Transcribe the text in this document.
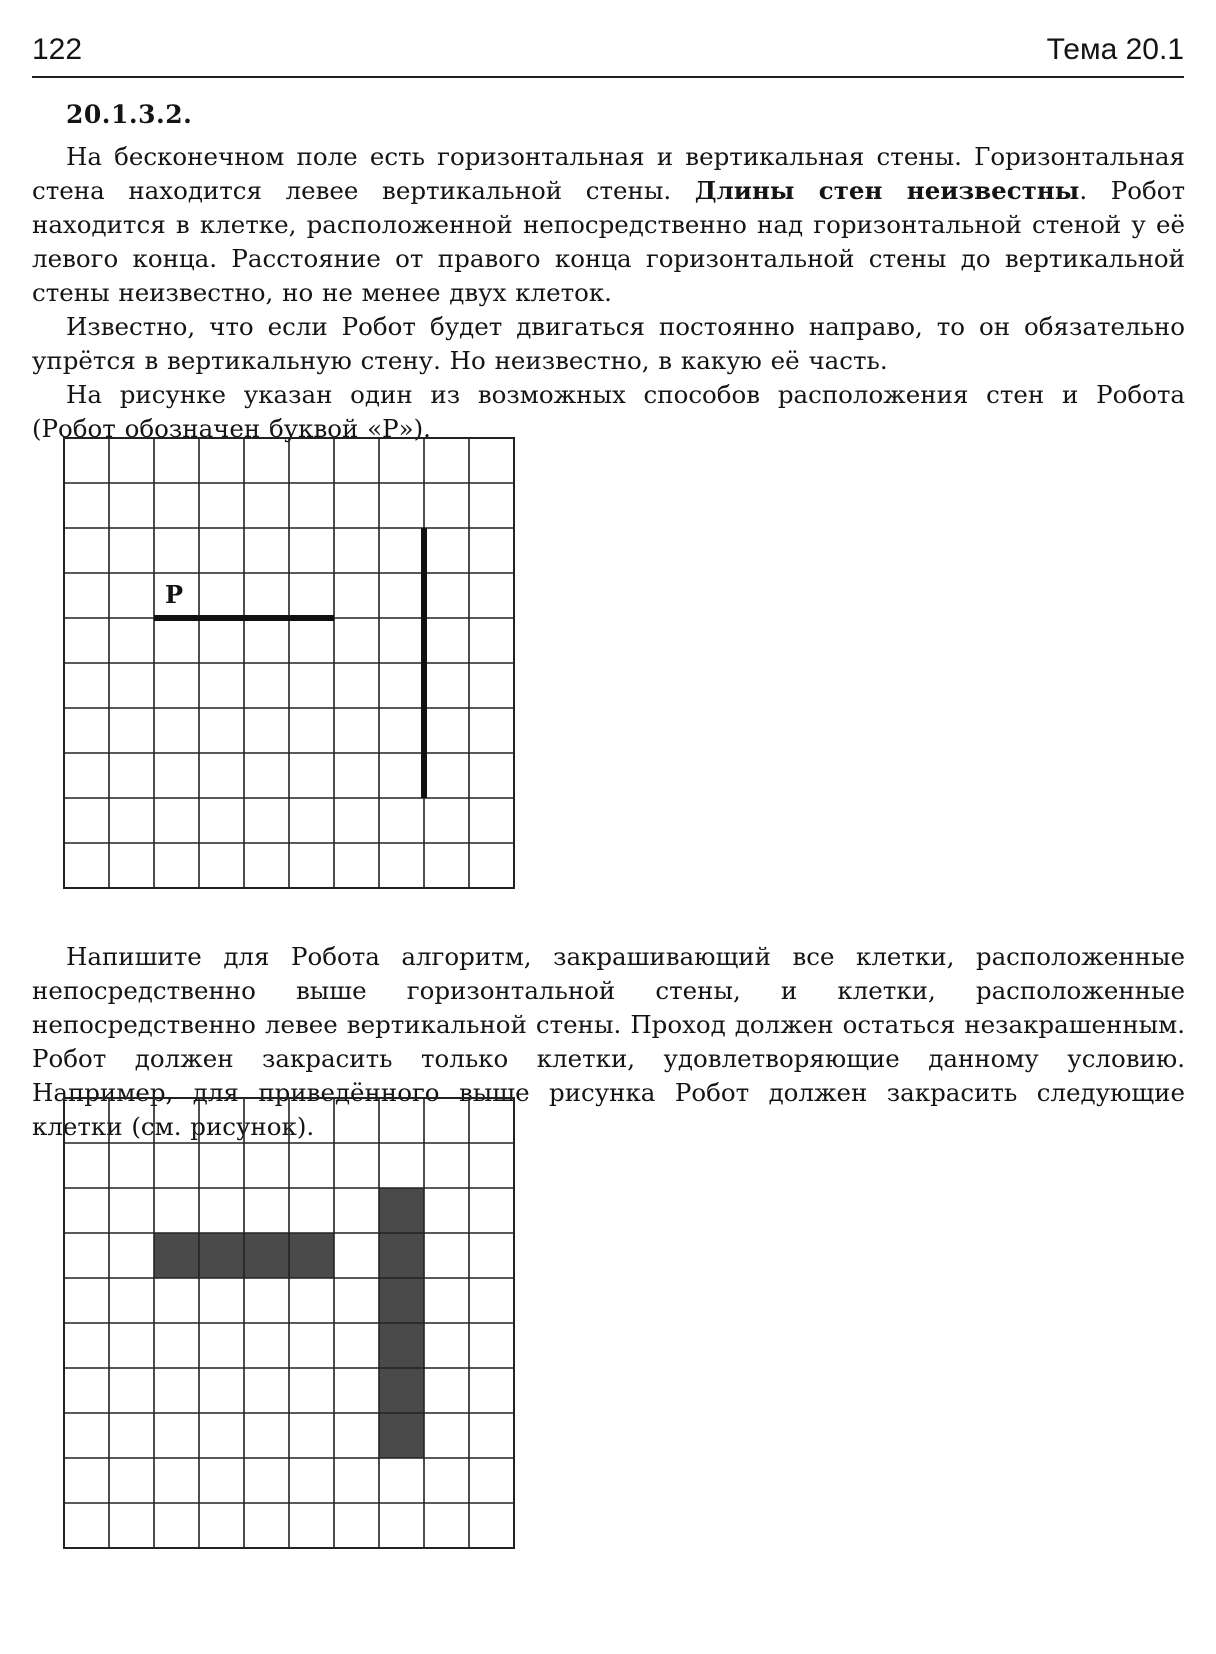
122	Тема 20.1
20.1.3.2.

На бесконечном поле есть горизонтальная и вертикальная стены. Горизонтальная стена находится левее вертикальной стены. Длины стен неизвестны. Робот находится в клетке, расположенной непосредственно над горизонтальной стеной у её левого конца. Расстояние от правого конца горизонтальной стены до вертикальной стены неизвестно, но не менее двух клеток.

Известно, что если Робот будет двигаться постоянно направо, то он обязательно упрётся в вертикальную стену. Но неизвестно, в какую её часть.

На рисунке указан один из возможных способов расположения стен и Робота (Робот обозначен буквой «Р»).

Р

Напишите для Робота алгоритм, закрашивающий все клетки, расположенные непосредственно выше горизонтальной стены, и клетки, расположенные непосредственно левее вертикальной стены. Проход должен остаться незакрашенным. Робот должен закрасить только клетки, удовлетворяющие данному условию. Например, для приведённого выше рисунка Робот должен закрасить следующие клетки (см. рисунок).
